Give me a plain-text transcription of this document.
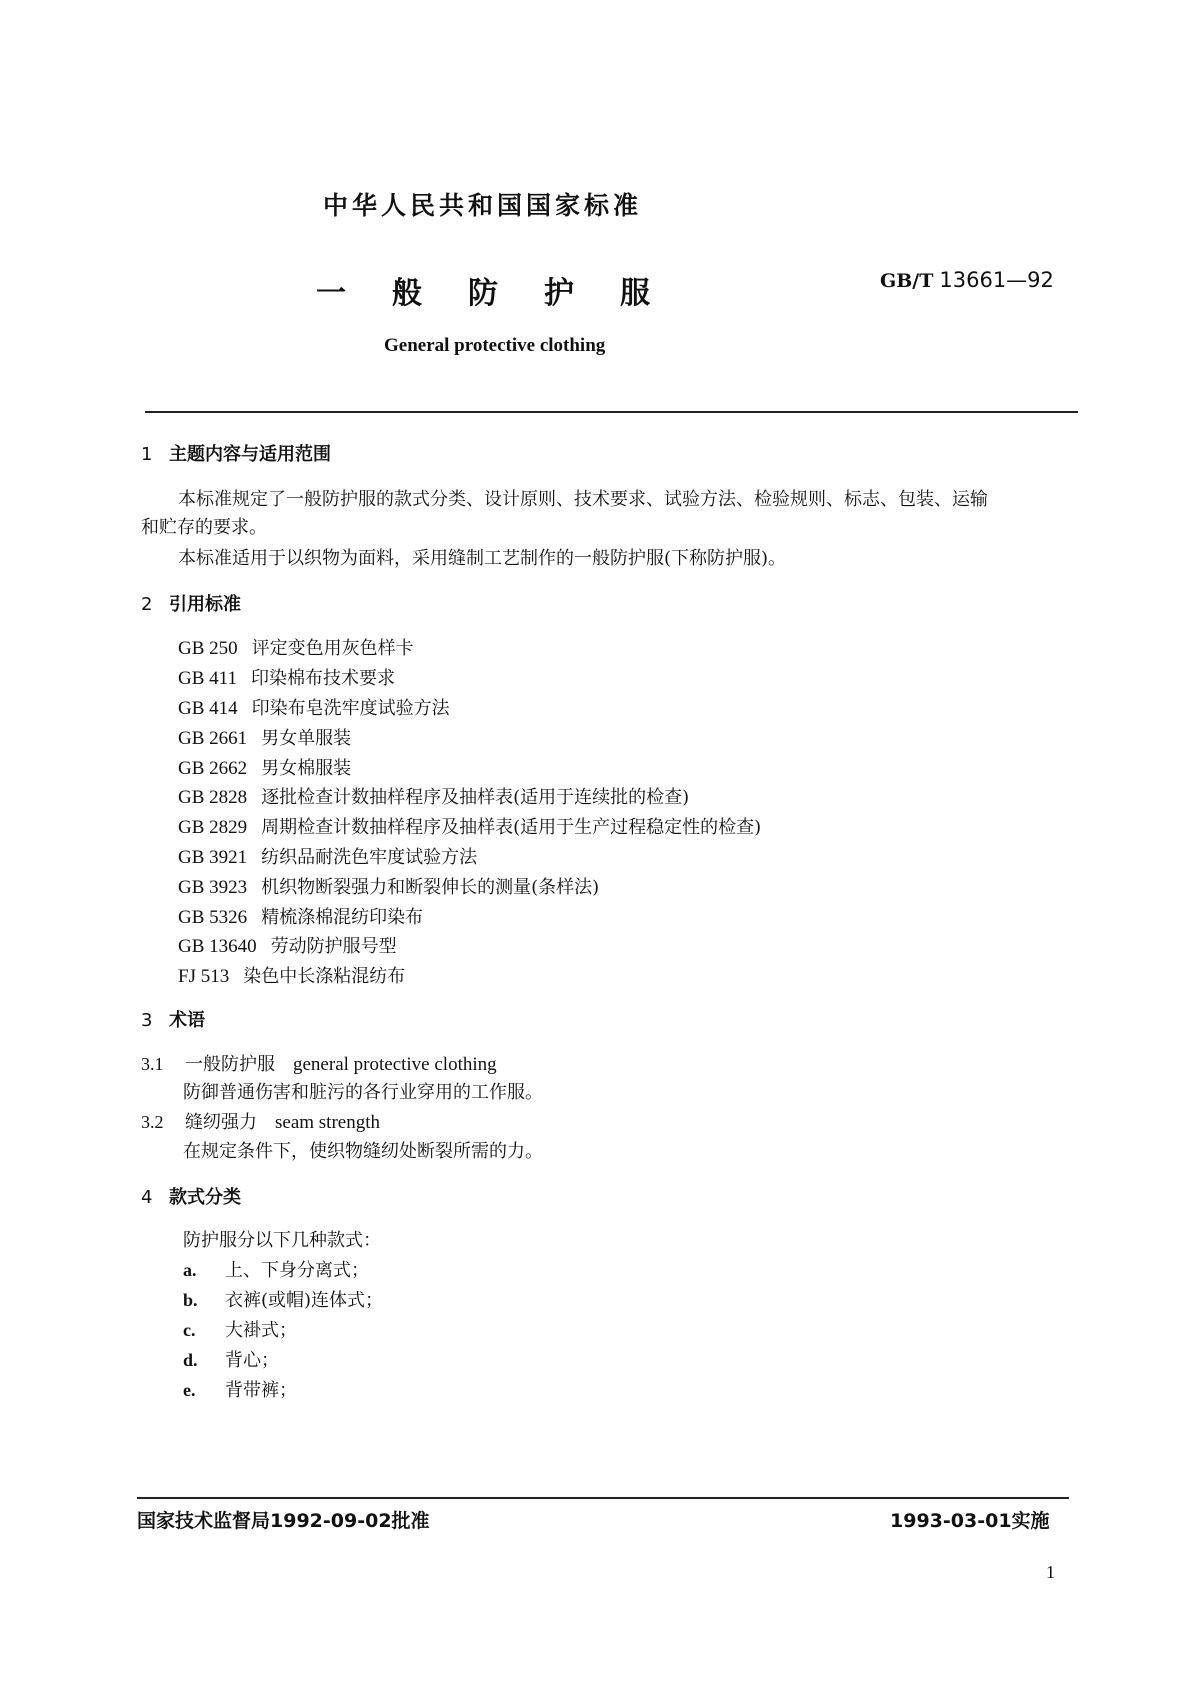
中华人民共和国国家标准
一 般 防 护 服	GB/T 13661—92
General protective clothing
1 主题内容与适用范围
本标准规定了一般防护服的款式分类、设计原则、技术要求、试验方法、检验规则、标志、包装、运输
和贮存的要求。
本标准适用于以织物为面料，采用缝制工艺制作的一般防护服(下称防护服)。
2 引用标准
GB 250 评定变色用灰色样卡
GB 411 印染棉布技术要求
GB 414 印染布皂洗牢度试验方法
GB 2661 男女单服装
GB 2662 男女棉服装
GB 2828 逐批检查计数抽样程序及抽样表(适用于连续批的检查)
GB 2829 周期检查计数抽样程序及抽样表(适用于生产过程稳定性的检查)
GB 3921 纺织品耐洗色牢度试验方法
GB 3923 机织物断裂强力和断裂伸长的测量(条样法)
GB 5326 精梳涤棉混纺印染布
GB 13640 劳动防护服号型
FJ 513 染色中长涤粘混纺布
3 术语
3.1 一般防护服 general protective clothing
防御普通伤害和脏污的各行业穿用的工作服。
3.2 缝纫强力 seam strength
在规定条件下，使织物缝纫处断裂所需的力。
4 款式分类
防护服分以下几种款式：
a. 上、下身分离式；
b. 衣裤(或帽)连体式；
c. 大褂式；
d. 背心；
e. 背带裤；
国家技术监督局1992-09-02批准	1993-03-01实施
1
